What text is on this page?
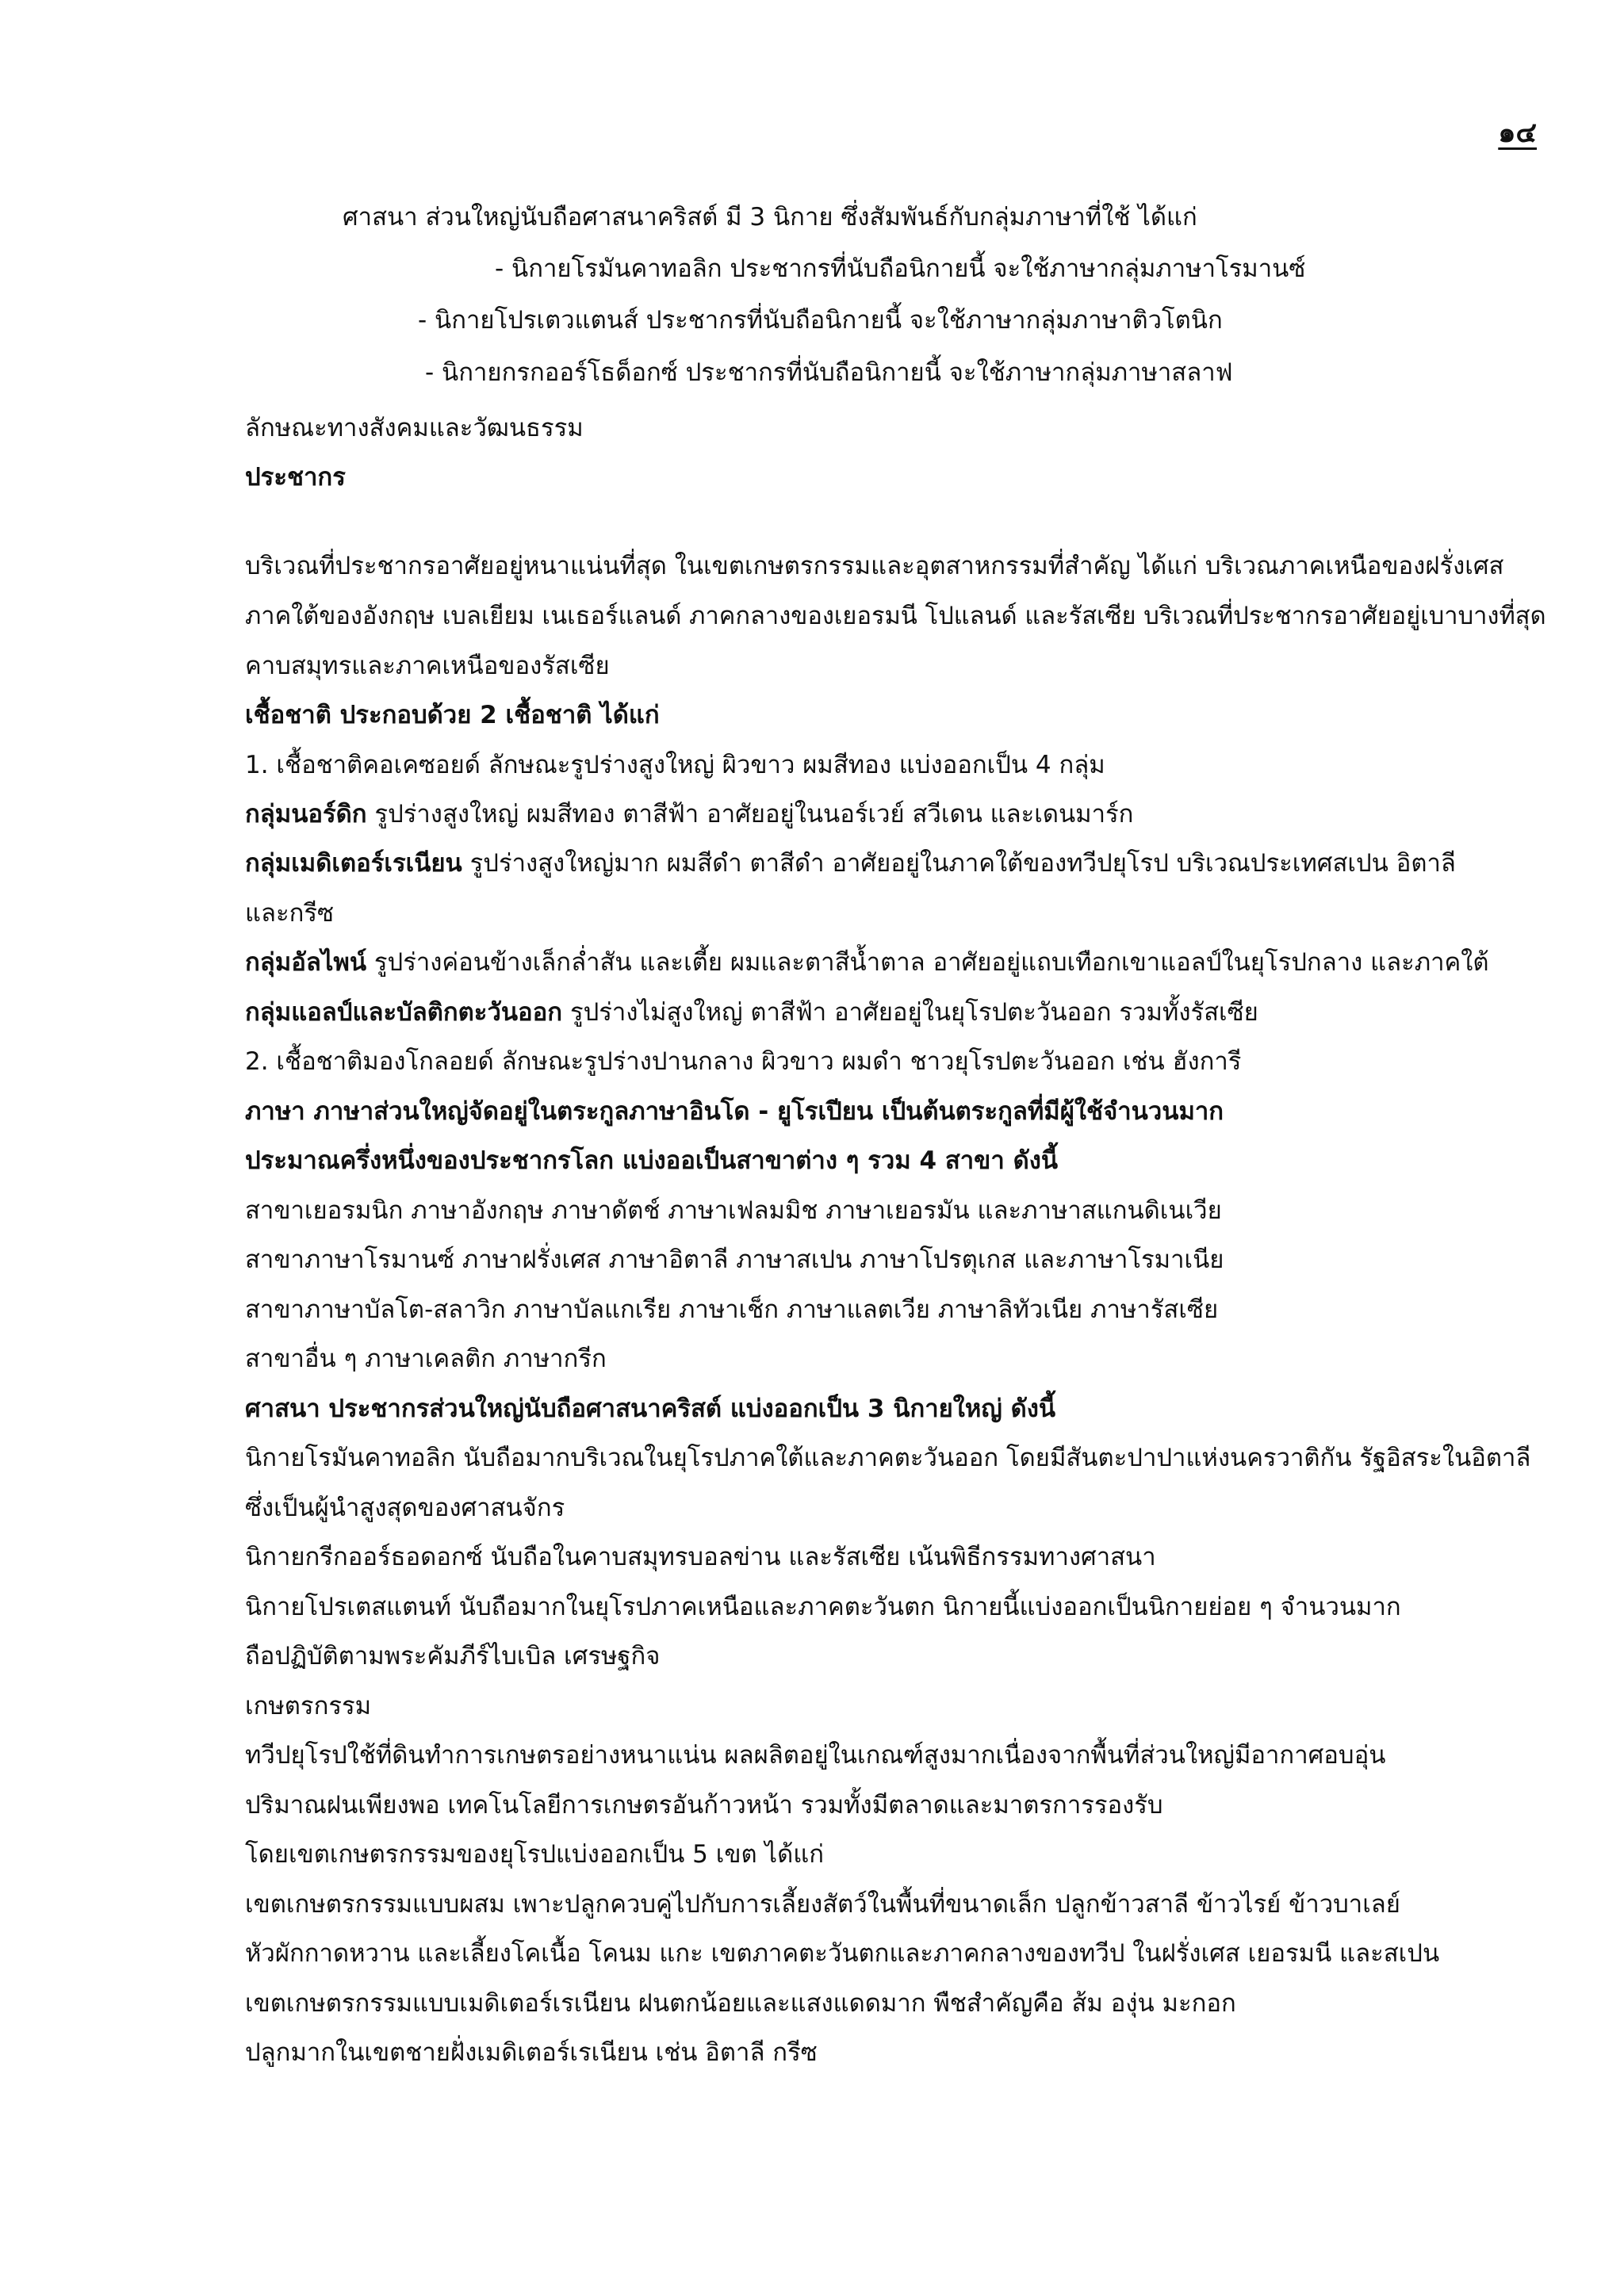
๑๔
ศาสนา ส่วนใหญ่นับถือศาสนาคริสต์ มี 3 นิกาย ซึ่งสัมพันธ์กับกลุ่มภาษาที่ใช้ ได้แก่
- นิกายโรมันคาทอลิก ประชากรที่นับถือนิกายนี้ จะใช้ภาษากลุ่มภาษาโรมานซ์
- นิกายโปรเตวแตนส์ ประชากรที่นับถือนิกายนี้ จะใช้ภาษากลุ่มภาษาติวโตนิก
- นิกายกรกออร์โธด็อกซ์ ประชากรที่นับถือนิกายนี้ จะใช้ภาษากลุ่มภาษาสลาฟ
ลักษณะทางสังคมและวัฒนธรรม
ประชากร
บริเวณที่ประชากรอาศัยอยู่หนาแน่นที่สุด ในเขตเกษตรกรรมและอุตสาหกรรมที่สำคัญ ได้แก่ บริเวณภาคเหนือของฝรั่งเศส
ภาคใต้ของอังกฤษ เบลเยียม เนเธอร์แลนด์ ภาคกลางของเยอรมนี โปแลนด์ และรัสเซีย บริเวณที่ประชากรอาศัยอยู่เบาบางที่สุด
คาบสมุทรและภาคเหนือของรัสเซีย
เชื้อชาติ ประกอบด้วย 2 เชื้อชาติ ได้แก่
1. เชื้อชาติคอเคซอยด์ ลักษณะรูปร่างสูงใหญ่ ผิวขาว ผมสีทอง แบ่งออกเป็น 4 กลุ่ม
กลุ่มนอร์ดิก รูปร่างสูงใหญ่ ผมสีทอง ตาสีฟ้า อาศัยอยู่ในนอร์เวย์ สวีเดน และเดนมาร์ก
กลุ่มเมดิเตอร์เรเนียน รูปร่างสูงใหญ่มาก ผมสีดำ ตาสีดำ อาศัยอยู่ในภาคใต้ของทวีปยุโรป บริเวณประเทศสเปน อิตาลี
และกรีซ
กลุ่มอัลไพน์ รูปร่างค่อนข้างเล็กล่ำสัน และเตี้ย ผมและตาสีน้ำตาล อาศัยอยู่แถบเทือกเขาแอลป์ในยุโรปกลาง และภาคใต้
กลุ่มแอลป์และบัลติกตะวันออก รูปร่างไม่สูงใหญ่ ตาสีฟ้า อาศัยอยู่ในยุโรปตะวันออก รวมทั้งรัสเซีย
2. เชื้อชาติมองโกลอยด์ ลักษณะรูปร่างปานกลาง ผิวขาว ผมดำ ชาวยุโรปตะวันออก เช่น ฮังการี
ภาษา ภาษาส่วนใหญ่จัดอยู่ในตระกูลภาษาอินโด - ยูโรเปียน เป็นต้นตระกูลที่มีผู้ใช้จำนวนมาก
ประมาณครึ่งหนึ่งของประชากรโลก แบ่งออเป็นสาขาต่าง ๆ รวม 4 สาขา ดังนี้
สาขาเยอรมนิก ภาษาอังกฤษ ภาษาดัตช์ ภาษาเฟลมมิช ภาษาเยอรมัน และภาษาสแกนดิเนเวีย
สาขาภาษาโรมานซ์ ภาษาฝรั่งเศส ภาษาอิตาลี ภาษาสเปน ภาษาโปรตุเกส และภาษาโรมาเนีย
สาขาภาษาบัลโต-สลาวิก ภาษาบัลแกเรีย ภาษาเช็ก ภาษาแลตเวีย ภาษาลิทัวเนีย ภาษารัสเซีย
สาขาอื่น ๆ ภาษาเคลติก ภาษากรีก
ศาสนา ประชากรส่วนใหญ่นับถือศาสนาคริสต์ แบ่งออกเป็น 3 นิกายใหญ่ ดังนี้
นิกายโรมันคาทอลิก นับถือมากบริเวณในยุโรปภาคใต้และภาคตะวันออก โดยมีสันตะปาปาแห่งนครวาติกัน รัฐอิสระในอิตาลี
ซึ่งเป็นผู้นำสูงสุดของศาสนจักร
นิกายกรีกออร์ธอดอกซ์ นับถือในคาบสมุทรบอลข่าน และรัสเซีย เน้นพิธีกรรมทางศาสนา
นิกายโปรเตสแตนท์ นับถือมากในยุโรปภาคเหนือและภาคตะวันตก นิกายนี้แบ่งออกเป็นนิกายย่อย ๆ จำนวนมาก
ถือปฏิบัติตามพระคัมภีร์ไบเบิล เศรษฐกิจ
เกษตรกรรม
ทวีปยุโรปใช้ที่ดินทำการเกษตรอย่างหนาแน่น ผลผลิตอยู่ในเกณฑ์สูงมากเนื่องจากพื้นที่ส่วนใหญ่มีอากาศอบอุ่น
ปริมาณฝนเพียงพอ เทคโนโลยีการเกษตรอันก้าวหน้า รวมทั้งมีตลาดและมาตรการรองรับ
โดยเขตเกษตรกรรมของยุโรปแบ่งออกเป็น 5 เขต ได้แก่
เขตเกษตรกรรมแบบผสม เพาะปลูกควบคู่ไปกับการเลี้ยงสัตว์ในพื้นที่ขนาดเล็ก ปลูกข้าวสาลี ข้าวไรย์ ข้าวบาเลย์
หัวผักกาดหวาน และเลี้ยงโคเนื้อ โคนม แกะ เขตภาคตะวันตกและภาคกลางของทวีป ในฝรั่งเศส เยอรมนี และสเปน
เขตเกษตรกรรมแบบเมดิเตอร์เรเนียน ฝนตกน้อยและแสงแดดมาก พืชสำคัญคือ ส้ม องุ่น มะกอก
ปลูกมากในเขตชายฝั่งเมดิเตอร์เรเนียน เช่น อิตาลี กรีซ
